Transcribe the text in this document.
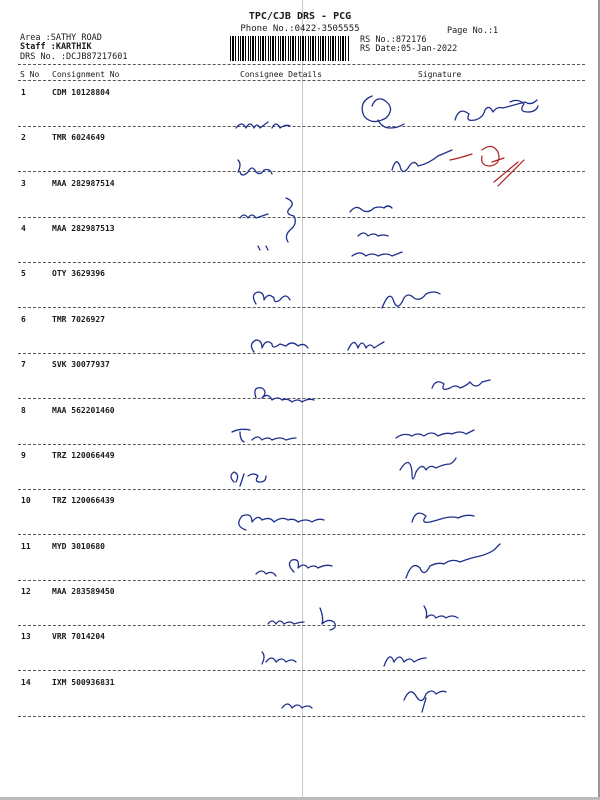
TPC/CJB DRS - PCG
Phone No.:0422-3505555	Page No.:1
Area :SATHY ROAD
Staff :KARTHIK
DRS No. :DCJB87217601
RS No.:872176
RS Date:05-Jan-2022
S No Consignment No	Consignee Details	Signature
1	CDM 10128804
2	TMR 6024649
3	MAA 282987514
4	MAA 282987513
5	OTY 3629396
6	TMR 7026927
7	SVK 30077937
8	MAA 562201460
9	TRZ 120066449
10	TRZ 120066439
11	MYD 3010680
12	MAA 283589450
13	VRR 7014204
14	IXM 500936831
